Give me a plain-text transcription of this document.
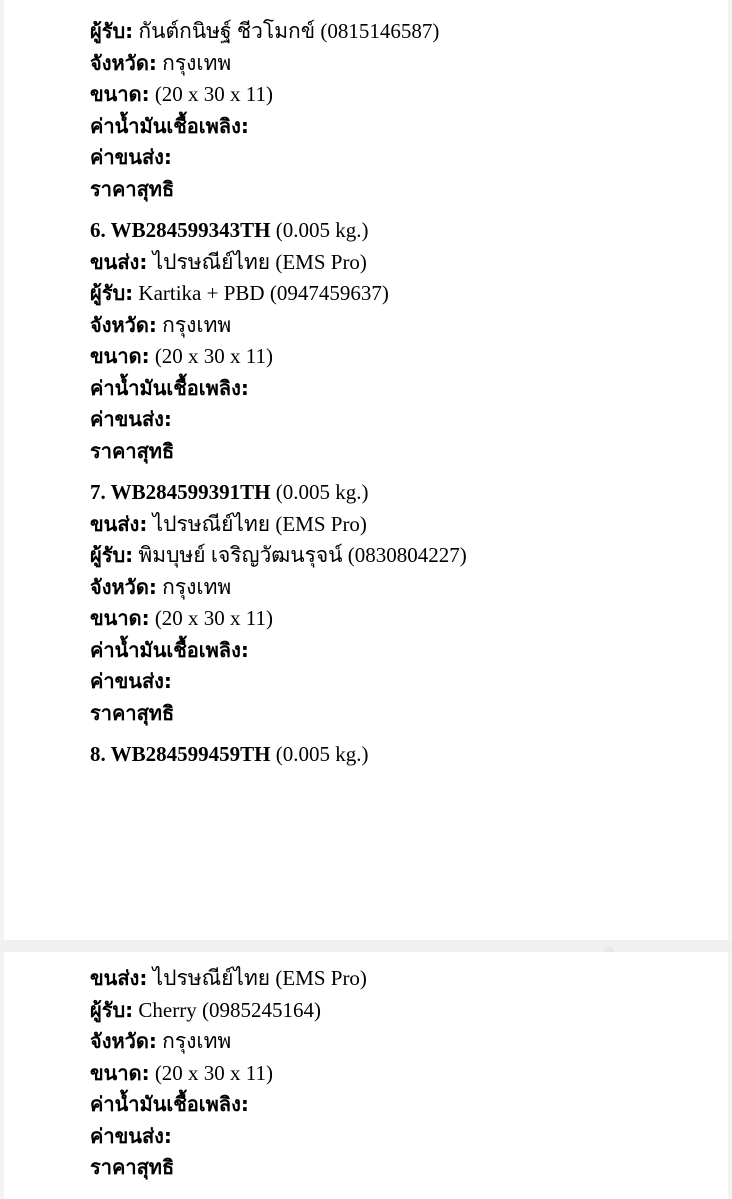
ผู้รับ: กันต์กนิษฐ์ ชีวโมกข์ (0815146587)
จังหวัด: กรุงเทพ
ขนาด: (20 x 30 x 11)
ค่าน้ำมันเชื้อเพลิง:
ค่าขนส่ง:
ราคาสุทธิ
6. WB284599343TH (0.005 kg.)
ขนส่ง: ไปรษณีย์ไทย (EMS Pro)
ผู้รับ: Kartika + PBD (0947459637)
จังหวัด: กรุงเทพ
ขนาด: (20 x 30 x 11)
ค่าน้ำมันเชื้อเพลิง:
ค่าขนส่ง:
ราคาสุทธิ
7. WB284599391TH (0.005 kg.)
ขนส่ง: ไปรษณีย์ไทย (EMS Pro)
ผู้รับ: พิมบุษย์ เจริญวัฒนรุจน์ (0830804227)
จังหวัด: กรุงเทพ
ขนาด: (20 x 30 x 11)
ค่าน้ำมันเชื้อเพลิง:
ค่าขนส่ง:
ราคาสุทธิ
8. WB284599459TH (0.005 kg.)
ขนส่ง: ไปรษณีย์ไทย (EMS Pro)
ผู้รับ: Cherry (0985245164)
จังหวัด: กรุงเทพ
ขนาด: (20 x 30 x 11)
ค่าน้ำมันเชื้อเพลิง:
ค่าขนส่ง:
ราคาสุทธิ
